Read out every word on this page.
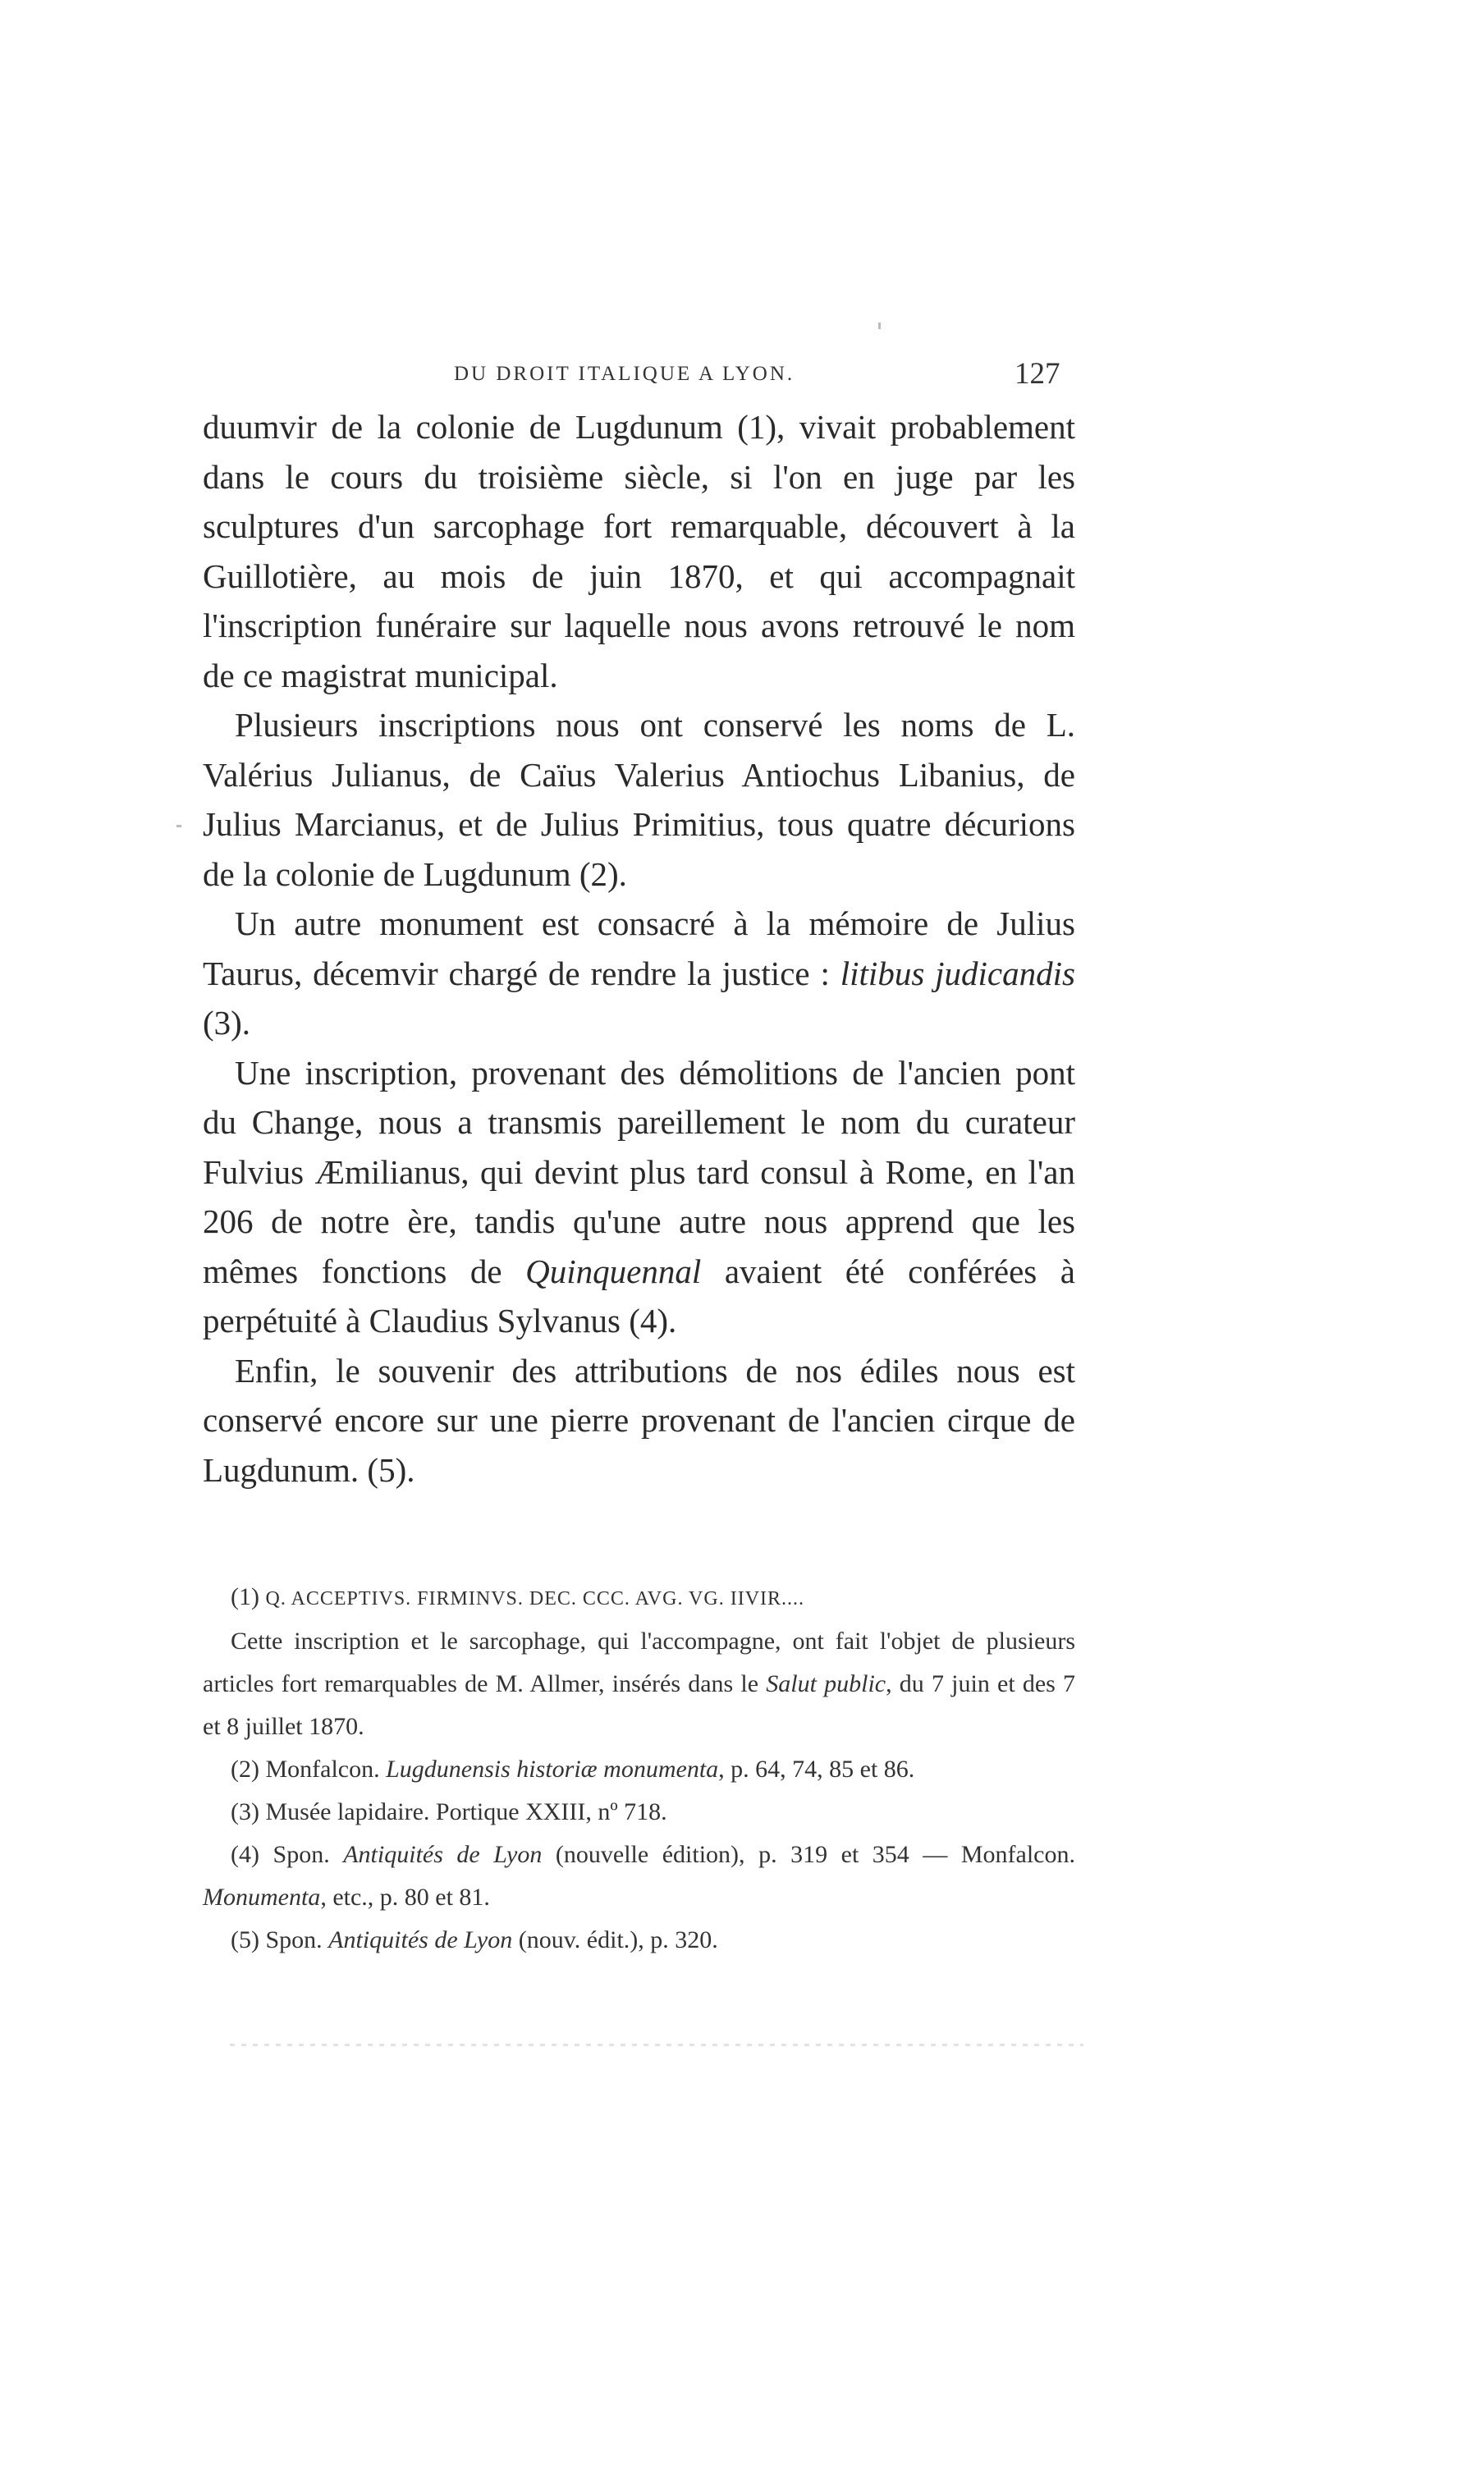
DU DROIT ITALIQUE A LYON.	127

duumvir de la colonie de Lugdunum (1), vivait probablement dans le cours du troisième siècle, si l'on en juge par les sculptures d'un sarcophage fort remarquable, découvert à la Guillotière, au mois de juin 1870, et qui accompagnait l'inscription funéraire sur laquelle nous avons retrouvé le nom de ce magistrat municipal.

Plusieurs inscriptions nous ont conservé les noms de L. Valérius Julianus, de Caïus Valerius Antiochus Libanius, de Julius Marcianus, et de Julius Primitius, tous quatre décurions de la colonie de Lugdunum (2).

Un autre monument est consacré à la mémoire de Julius Taurus, décemvir chargé de rendre la justice : litibus judicandis (3).

Une inscription, provenant des démolitions de l'ancien pont du Change, nous a transmis pareillement le nom du curateur Fulvius Æmilianus, qui devint plus tard consul à Rome, en l'an 206 de notre ère, tandis qu'une autre nous apprend que les mêmes fonctions de Quinquennal avaient été conférées à perpétuité à Claudius Sylvanus (4).

Enfin, le souvenir des attributions de nos édiles nous est conservé encore sur une pierre provenant de l'ancien cirque de Lugdunum. (5).

(1) Q. ACCEPTIVS. FIRMINVS. DEC. CCC. AVG. VG. IIVIR....

Cette inscription et le sarcophage, qui l'accompagne, ont fait l'objet de plusieurs articles fort remarquables de M. Allmer, insérés dans le Salut public, du 7 juin et des 7 et 8 juillet 1870.

(2) Monfalcon. Lugdunensis historiæ monumenta, p. 64, 74, 85 et 86.

(3) Musée lapidaire. Portique XXIII, nº 718.

(4) Spon. Antiquités de Lyon (nouvelle édition), p. 319 et 354 — Monfalcon. Monumenta, etc., p. 80 et 81.

(5) Spon. Antiquités de Lyon (nouv. édit.), p. 320.
